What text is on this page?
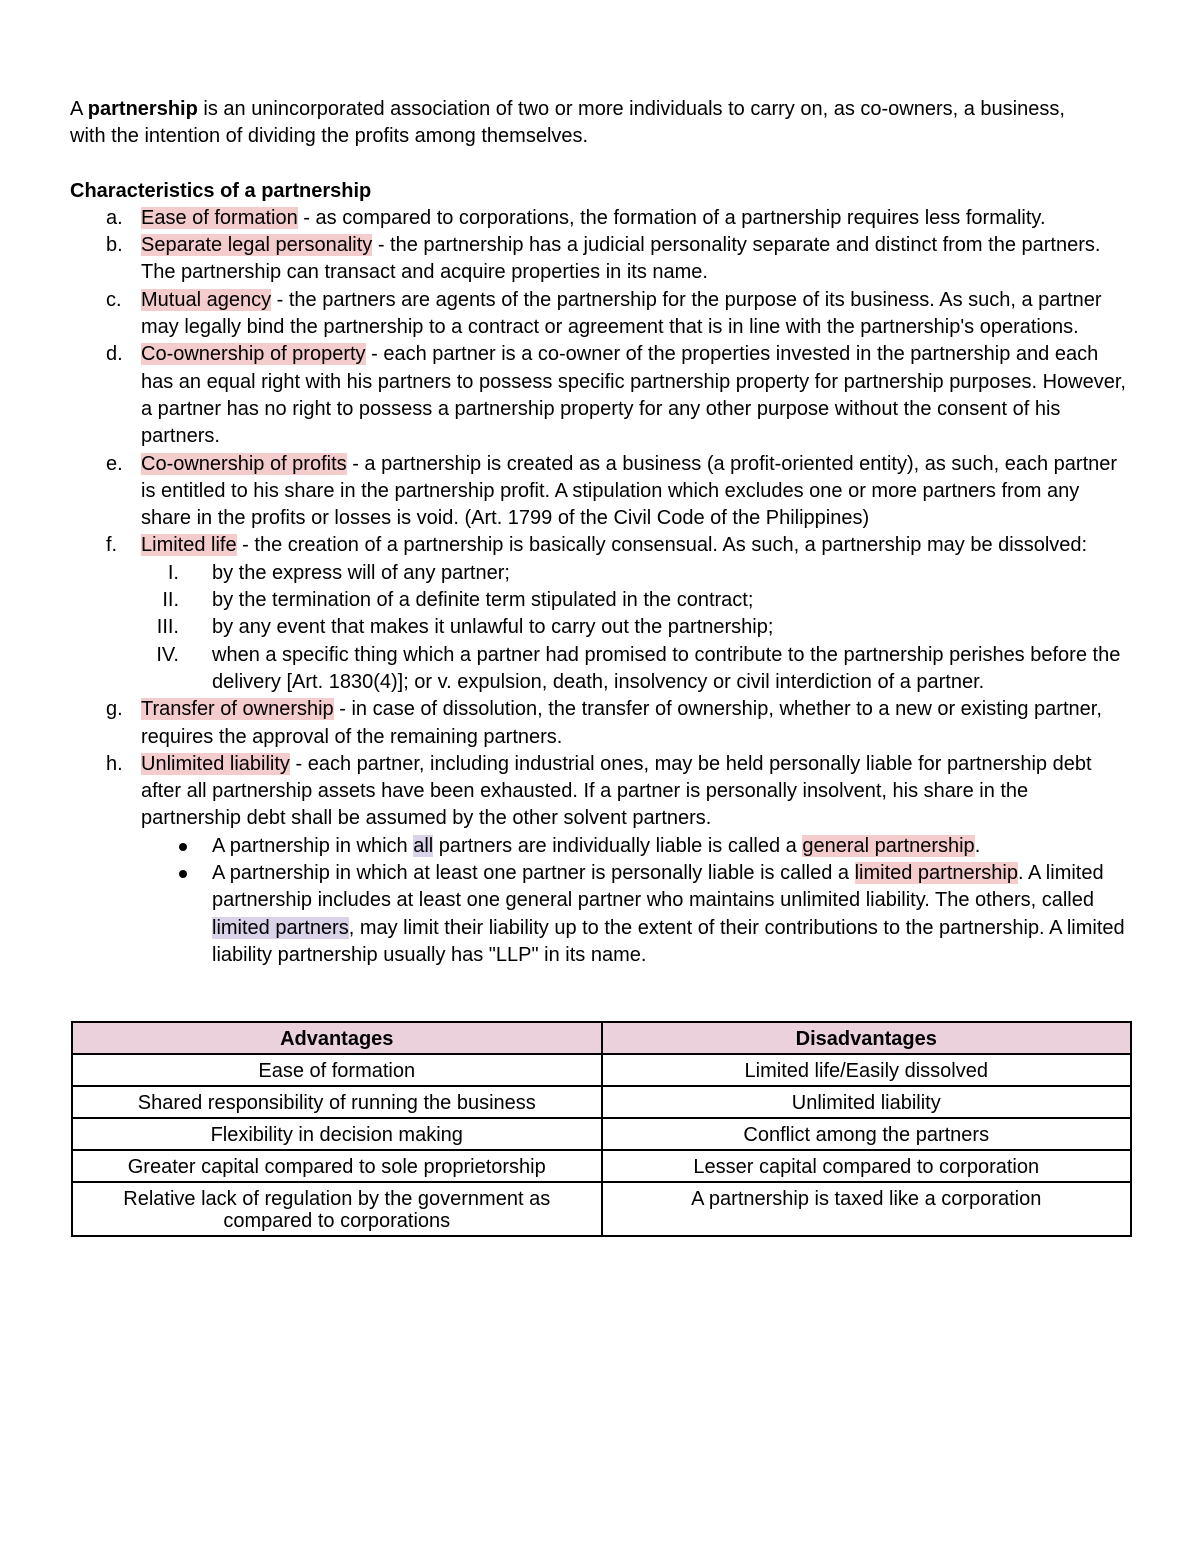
A partnership is an unincorporated association of two or more individuals to carry on, as co-owners, a business,
with the intention of dividing the profits among themselves.

Characteristics of a partnership

a. Ease of formation - as compared to corporations, the formation of a partnership requires less formality.
b. Separate legal personality - the partnership has a judicial personality separate and distinct from the partners. The partnership can transact and acquire properties in its name.
c. Mutual agency - the partners are agents of the partnership for the purpose of its business. As such, a partner may legally bind the partnership to a contract or agreement that is in line with the partnership's operations.
d. Co-ownership of property - each partner is a co-owner of the properties invested in the partnership and each has an equal right with his partners to possess specific partnership property for partnership purposes. However, a partner has no right to possess a partnership property for any other purpose without the consent of his partners.
e. Co-ownership of profits - a partnership is created as a business (a profit-oriented entity), as such, each partner is entitled to his share in the partnership profit. A stipulation which excludes one or more partners from any share in the profits or losses is void. (Art. 1799 of the Civil Code of the Philippines)
f. Limited life - the creation of a partnership is basically consensual. As such, a partnership may be dissolved:
I. by the express will of any partner;
II. by the termination of a definite term stipulated in the contract;
III. by any event that makes it unlawful to carry out the partnership;
IV. when a specific thing which a partner had promised to contribute to the partnership perishes before the delivery [Art. 1830(4)]; or v. expulsion, death, insolvency or civil interdiction of a partner.
g. Transfer of ownership - in case of dissolution, the transfer of ownership, whether to a new or existing partner, requires the approval of the remaining partners.
h. Unlimited liability - each partner, including industrial ones, may be held personally liable for partnership debt after all partnership assets have been exhausted. If a partner is personally insolvent, his share in the partnership debt shall be assumed by the other solvent partners.
A partnership in which all partners are individually liable is called a general partnership.
A partnership in which at least one partner is personally liable is called a limited partnership. A limited partnership includes at least one general partner who maintains unlimited liability. The others, called limited partners, may limit their liability up to the extent of their contributions to the partnership. A limited liability partnership usually has "LLP" in its name.
Advantages	Disadvantages
Ease of formation	Limited life/Easily dissolved
Shared responsibility of running the business	Unlimited liability
Flexibility in decision making	Conflict among the partners
Greater capital compared to sole proprietorship	Lesser capital compared to corporation
Relative lack of regulation by the government as compared to corporations	A partnership is taxed like a corporation
